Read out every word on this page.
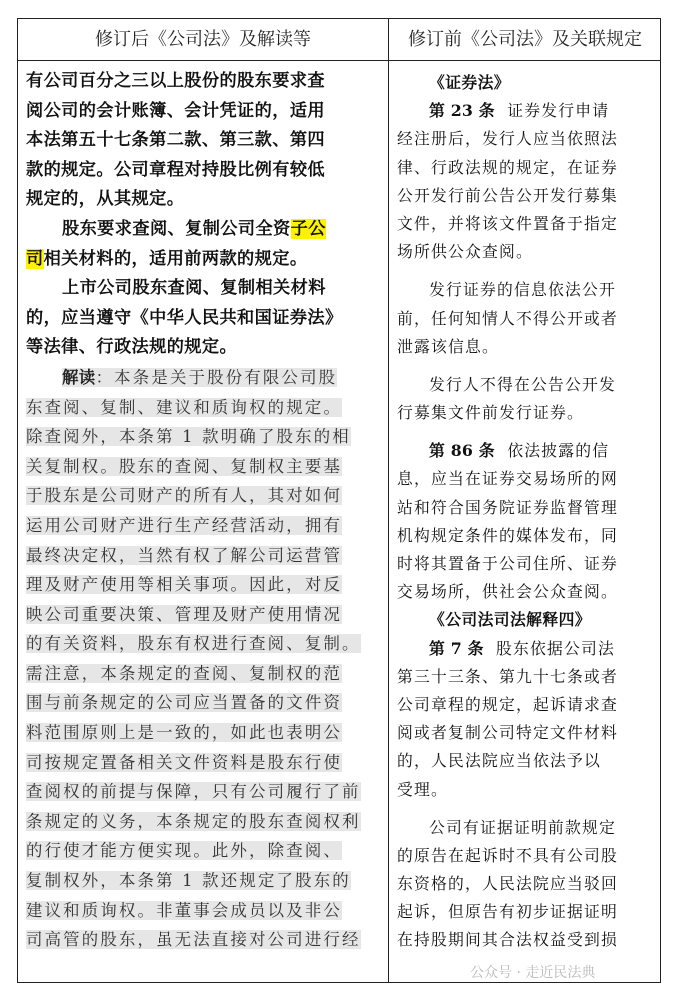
修订后《公司法》及解读等	修订前《公司法》及关联规定
有公司百分之三以上股份的股东要求查
阅公司的会计账簿、会计凭证的，适用
本法第五十七条第二款、第三款、第四
款的规定。公司章程对持股比例有较低
规定的，从其规定。
股东要求查阅、复制公司全资子公
司相关材料的，适用前两款的规定。
上市公司股东查阅、复制相关材料
的，应当遵守《中华人民共和国证券法》
等法律、行政法规的规定。
解读：本条是关于股份有限公司股
东查阅、复制、建议和质询权的规定。
除查阅外，本条第 1 款明确了股东的相
关复制权。股东的查阅、复制权主要基
于股东是公司财产的所有人，其对如何
运用公司财产进行生产经营活动，拥有
最终决定权，当然有权了解公司运营管
理及财产使用等相关事项。因此，对反
映公司重要决策、管理及财产使用情况
的有关资料，股东有权进行查阅、复制。
需注意，本条规定的查阅、复制权的范
围与前条规定的公司应当置备的文件资
料范围原则上是一致的，如此也表明公
司按规定置备相关文件资料是股东行使
查阅权的前提与保障，只有公司履行了前
条规定的义务，本条规定的股东查阅权利
的行使才能方便实现。此外，除查阅、
复制权外，本条第 1 款还规定了股东的
建议和质询权。非董事会成员以及非公
司高管的股东，虽无法直接对公司进行经
《证券法》
第 23 条 证券发行申请
经注册后，发行人应当依照法
律、行政法规的规定，在证券
公开发行前公告公开发行募集
文件，并将该文件置备于指定
场所供公众查阅。
发行证券的信息依法公开
前，任何知情人不得公开或者
泄露该信息。
发行人不得在公告公开发
行募集文件前发行证券。
第 86 条 依法披露的信
息，应当在证券交易场所的网
站和符合国务院证券监督管理
机构规定条件的媒体发布，同
时将其置备于公司住所、证券
交易场所，供社会公众查阅。
《公司法司法解释四》
第 7 条 股东依据公司法
第三十三条、第九十七条或者
公司章程的规定，起诉请求查
阅或者复制公司特定文件材料
的，人民法院应当依法予以
受理。
公司有证据证明前款规定
的原告在起诉时不具有公司股
东资格的，人民法院应当驳回
起诉，但原告有初步证据证明
在持股期间其合法权益受到损
公众号 · 走近民法典
